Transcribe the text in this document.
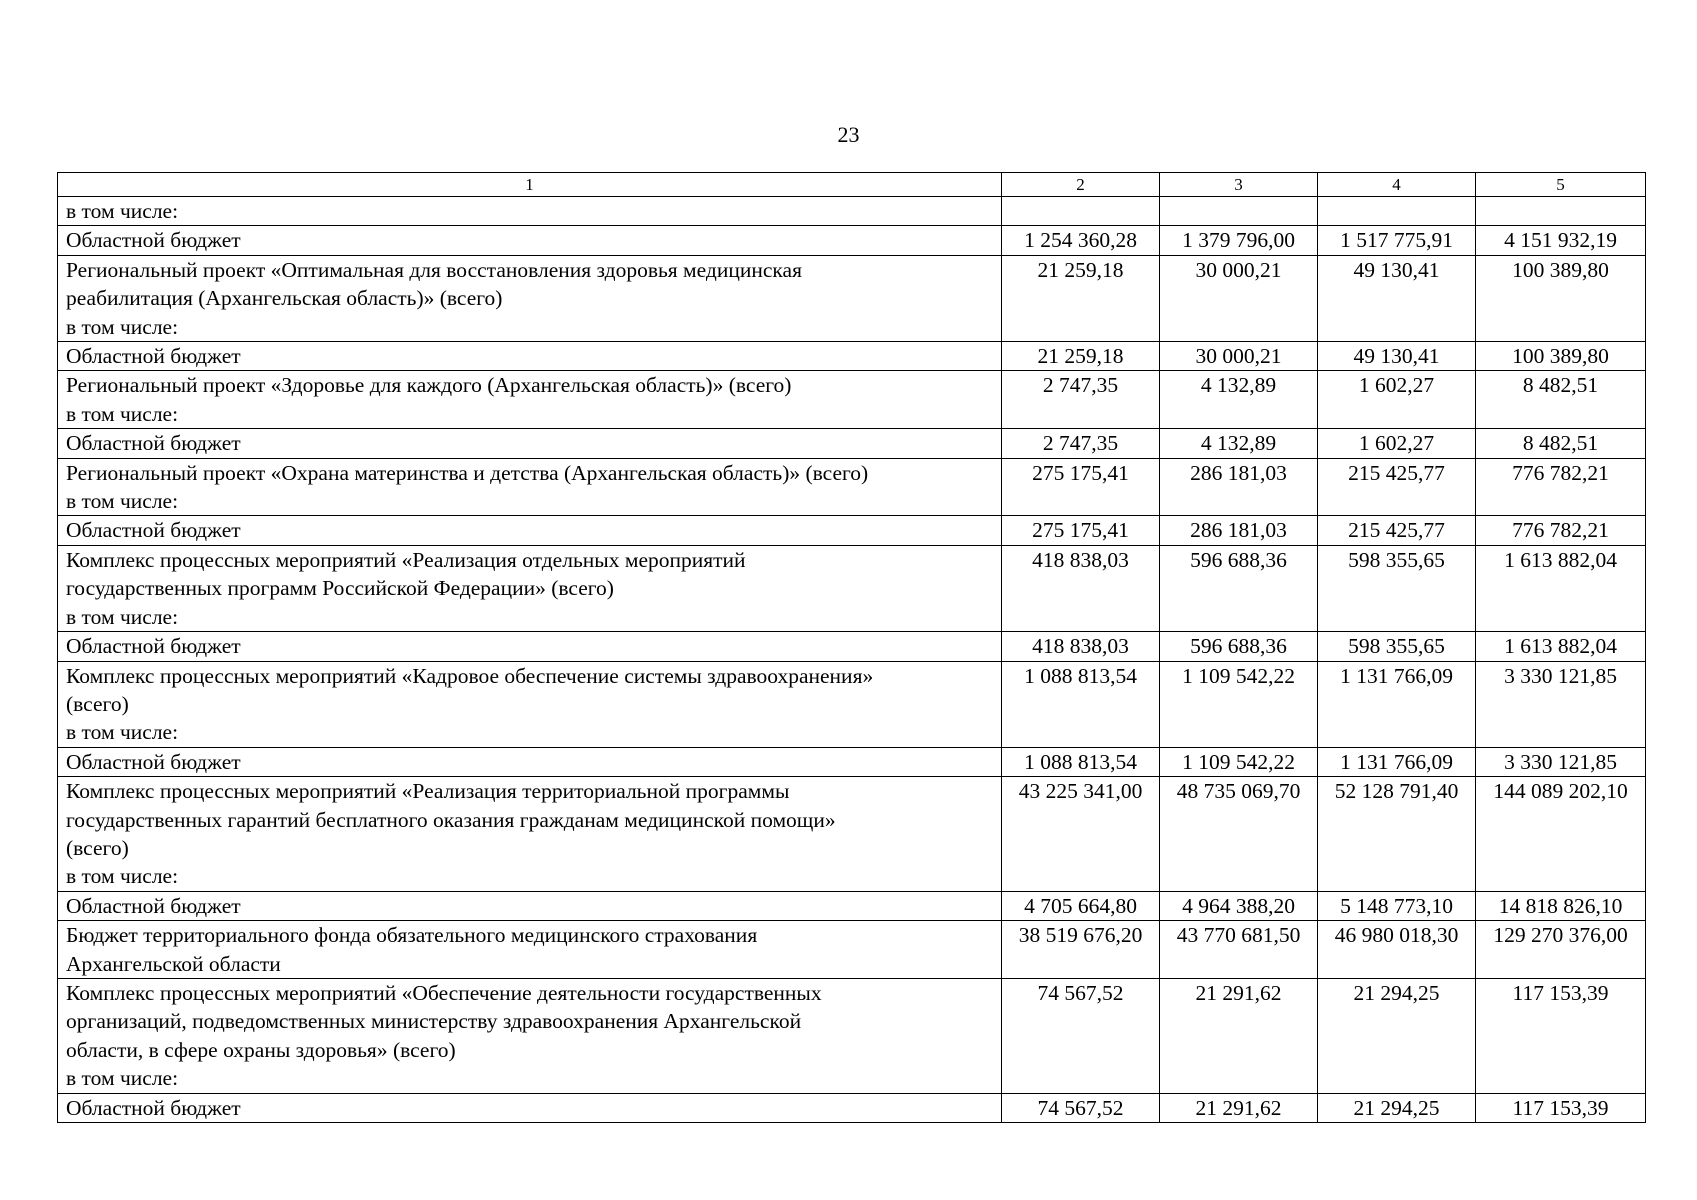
23
1	2	3	4	5

в том числе:				

Областной бюджет	1 254 360,28	1 379 796,00	1 517 775,91	4 151 932,19

Региональный проект «Оптимальная для восстановления здоровья медицинская
реабилитация (Архангельская область)» (всего)
в том числе:	21 259,18	30 000,21	49 130,41	100 389,80

Областной бюджет	21 259,18	30 000,21	49 130,41	100 389,80

Региональный проект «Здоровье для каждого (Архангельская область)» (всего)
в том числе:	2 747,35	4 132,89	1 602,27	8 482,51

Областной бюджет	2 747,35	4 132,89	1 602,27	8 482,51

Региональный проект «Охрана материнства и детства (Архангельская область)» (всего)
в том числе:	275 175,41	286 181,03	215 425,77	776 782,21

Областной бюджет	275 175,41	286 181,03	215 425,77	776 782,21

Комплекс процессных мероприятий «Реализация отдельных мероприятий
государственных программ Российской Федерации» (всего)
в том числе:	418 838,03	596 688,36	598 355,65	1 613 882,04

Областной бюджет	418 838,03	596 688,36	598 355,65	1 613 882,04

Комплекс процессных мероприятий «Кадровое обеспечение системы здравоохранения»
(всего)
в том числе:	1 088 813,54	1 109 542,22	1 131 766,09	3 330 121,85

Областной бюджет	1 088 813,54	1 109 542,22	1 131 766,09	3 330 121,85

Комплекс процессных мероприятий «Реализация территориальной программы
государственных гарантий бесплатного оказания гражданам медицинской помощи»
(всего)
в том числе:	43 225 341,00	48 735 069,70	52 128 791,40	144 089 202,10

Областной бюджет	4 705 664,80	4 964 388,20	5 148 773,10	14 818 826,10

Бюджет территориального фонда обязательного медицинского страхования
Архангельской области	38 519 676,20	43 770 681,50	46 980 018,30	129 270 376,00

Комплекс процессных мероприятий «Обеспечение деятельности государственных
организаций, подведомственных министерству здравоохранения Архангельской
области, в сфере охраны здоровья» (всего)
в том числе:	74 567,52	21 291,62	21 294,25	117 153,39

Областной бюджет	74 567,52	21 291,62	21 294,25	117 153,39
